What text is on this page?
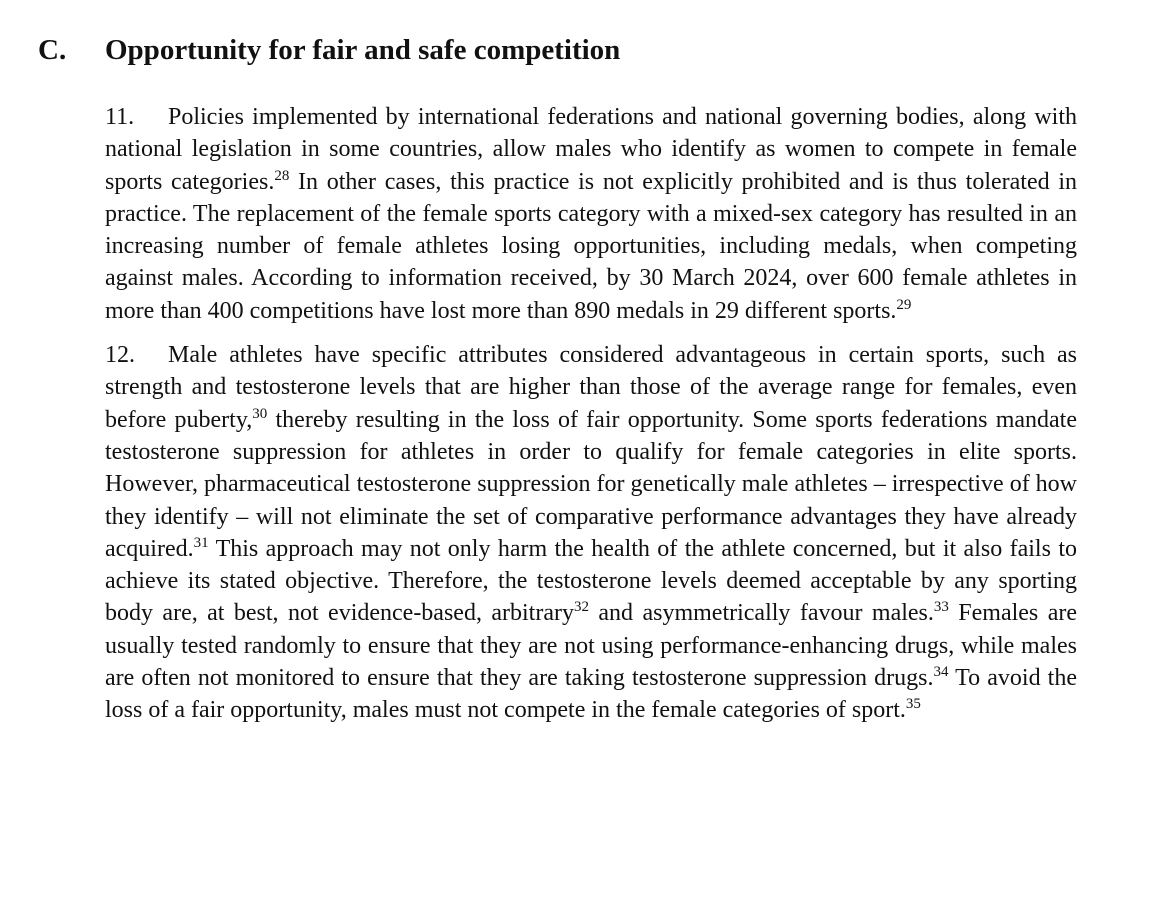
C. Opportunity for fair and safe competition

11. Policies implemented by international federations and national governing bodies, along with national legislation in some countries, allow males who identify as women to compete in female sports categories.$^{28}$ In other cases, this practice is not explicitly prohibited and is thus tolerated in practice. The replacement of the female sports category with a mixed-sex category has resulted in an increasing number of female athletes losing opportunities, including medals, when competing against males. According to information received, by 30 March 2024, over 600 female athletes in more than 400 competitions have lost more than 890 medals in 29 different sports.$^{29}$

12. Male athletes have specific attributes considered advantageous in certain sports, such as strength and testosterone levels that are higher than those of the average range for females, even before puberty,$^{30}$ thereby resulting in the loss of fair opportunity. Some sports federations mandate testosterone suppression for athletes in order to qualify for female categories in elite sports. However, pharmaceutical testosterone suppression for genetically male athletes – irrespective of how they identify – will not eliminate the set of comparative performance advantages they have already acquired.$^{31}$ This approach may not only harm the health of the athlete concerned, but it also fails to achieve its stated objective. Therefore, the testosterone levels deemed acceptable by any sporting body are, at best, not evidence-based, arbitrary$^{32}$ and asymmetrically favour males.$^{33}$ Females are usually tested randomly to ensure that they are not using performance-enhancing drugs, while males are often not monitored to ensure that they are taking testosterone suppression drugs.$^{34}$ To avoid the loss of a fair opportunity, males must not compete in the female categories of sport.$^{35}$
